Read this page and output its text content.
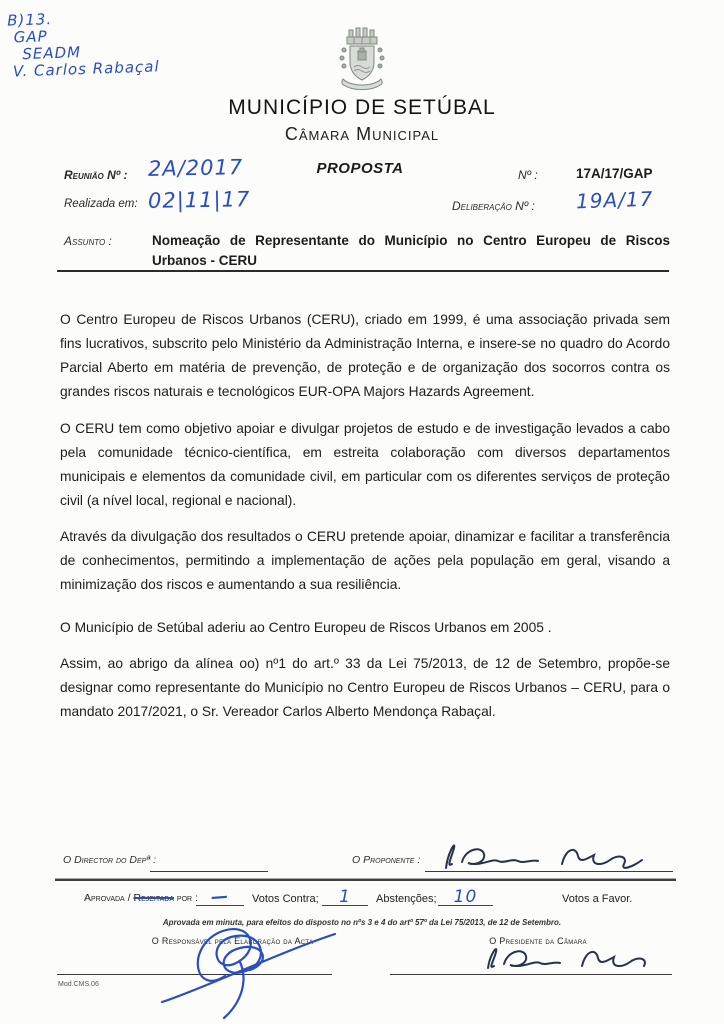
B)13.
GAP
SEADM
V. Carlos Rabaçal
MUNICÍPIO DE SETÚBAL
Câmara Municipal
Reunião Nº : 2A/2017	PROPOSTA	Nº :	17A/17/GAP
Realizada em: 02|11|17	Deliberação Nº : 19A/17
Assunto :	Nomeação de Representante do Município no Centro Europeu de Riscos Urbanos - CERU

O Centro Europeu de Riscos Urbanos (CERU), criado em 1999, é uma associação privada sem fins lucrativos, subscrito pelo Ministério da Administração Interna, e insere-se no quadro do Acordo Parcial Aberto em matéria de prevenção, de proteção e de organização dos socorros contra os grandes riscos naturais e tecnológicos EUR-OPA Majors Hazards Agreement.

O CERU tem como objetivo apoiar e divulgar projetos de estudo e de investigação levados a cabo pela comunidade técnico-científica, em estreita colaboração com diversos departamentos municipais e elementos da comunidade civil, em particular com os diferentes serviços de proteção civil (a nível local, regional e nacional).

Através da divulgação dos resultados o CERU pretende apoiar, dinamizar e facilitar a transferência de conhecimentos, permitindo a implementação de ações pela população em geral, visando a minimização dos riscos e aumentando a sua resiliência.

O Município de Setúbal aderiu ao Centro Europeu de Riscos Urbanos em 2005 .

Assim, ao abrigo da alínea oo) nº1 do art.º 33 da Lei 75/2013, de 12 de Setembro, propõe-se designar como representante do Município no Centro Europeu de Riscos Urbanos – CERU, para o mandato 2017/2021, o Sr. Vereador Carlos Alberto Mendonça Rabaçal.

O Director do Depª :	O Proponente :
Aprovada / Rejeitada por : —	Votos Contra;	1	Abstenções;	10	Votos a Favor.
Aprovada em minuta, para efeitos do disposto no nºs 3 e 4 do artº 57º da Lei 75/2013, de 12 de Setembro.
O Responsável pela Elaboração da Acta	O Presidente da Câmara
Mod.CMS.06
